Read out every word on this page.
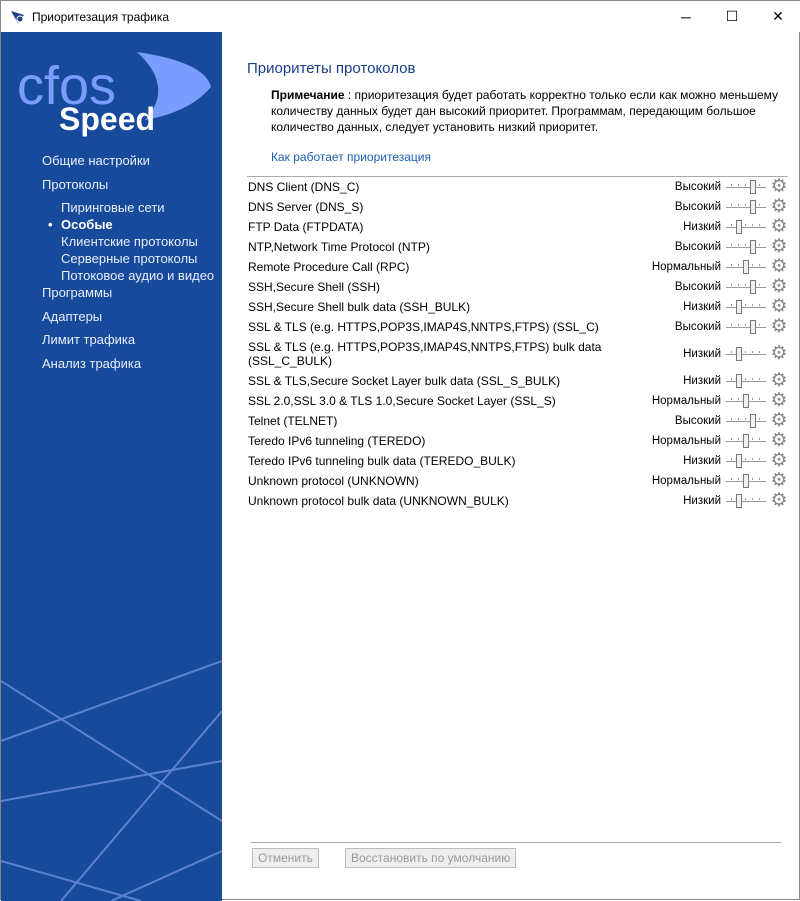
Приоритезация трафика	─	☐	✕
cfos
Speed
Общие настройки
Протоколы
Пиринговые сети
• Особые
Клиентские протоколы
Серверные протоколы
Потоковое аудио и видео
Программы
Адаптеры
Лимит трафика
Анализ трафика
Приоритеты протоколов
Примечание : приоритезация будет работать корректно только если как можно меньшему количеству данных будет дан высокий приоритет. Программам, передающим большое количество данных, следует установить низкий приоритет.
Как работает приоритезация
DNS Client (DNS_C)	Высокий	⚙
DNS Server (DNS_S)	Высокий	⚙
FTP Data (FTPDATA)	Низкий	⚙
NTP,Network Time Protocol (NTP)	Высокий	⚙
Remote Procedure Call (RPC)	Нормальный	⚙
SSH,Secure Shell (SSH)	Высокий	⚙
SSH,Secure Shell bulk data (SSH_BULK)	Низкий	⚙
SSL & TLS (e.g. HTTPS,POP3S,IMAP4S,NNTPS,FTPS) (SSL_C)	Высокий	⚙
SSL & TLS (e.g. HTTPS,POP3S,IMAP4S,NNTPS,FTPS) bulk data (SSL_C_BULK)	Низкий	⚙
SSL & TLS,Secure Socket Layer bulk data (SSL_S_BULK)	Низкий	⚙
SSL 2.0,SSL 3.0 & TLS 1.0,Secure Socket Layer (SSL_S)	Нормальный	⚙
Telnet (TELNET)	Высокий	⚙
Teredo IPv6 tunneling (TEREDO)	Нормальный	⚙
Teredo IPv6 tunneling bulk data (TEREDO_BULK)	Низкий	⚙
Unknown protocol (UNKNOWN)	Нормальный	⚙
Unknown protocol bulk data (UNKNOWN_BULK)	Низкий	⚙
Отменить	Восстановить по умолчанию
